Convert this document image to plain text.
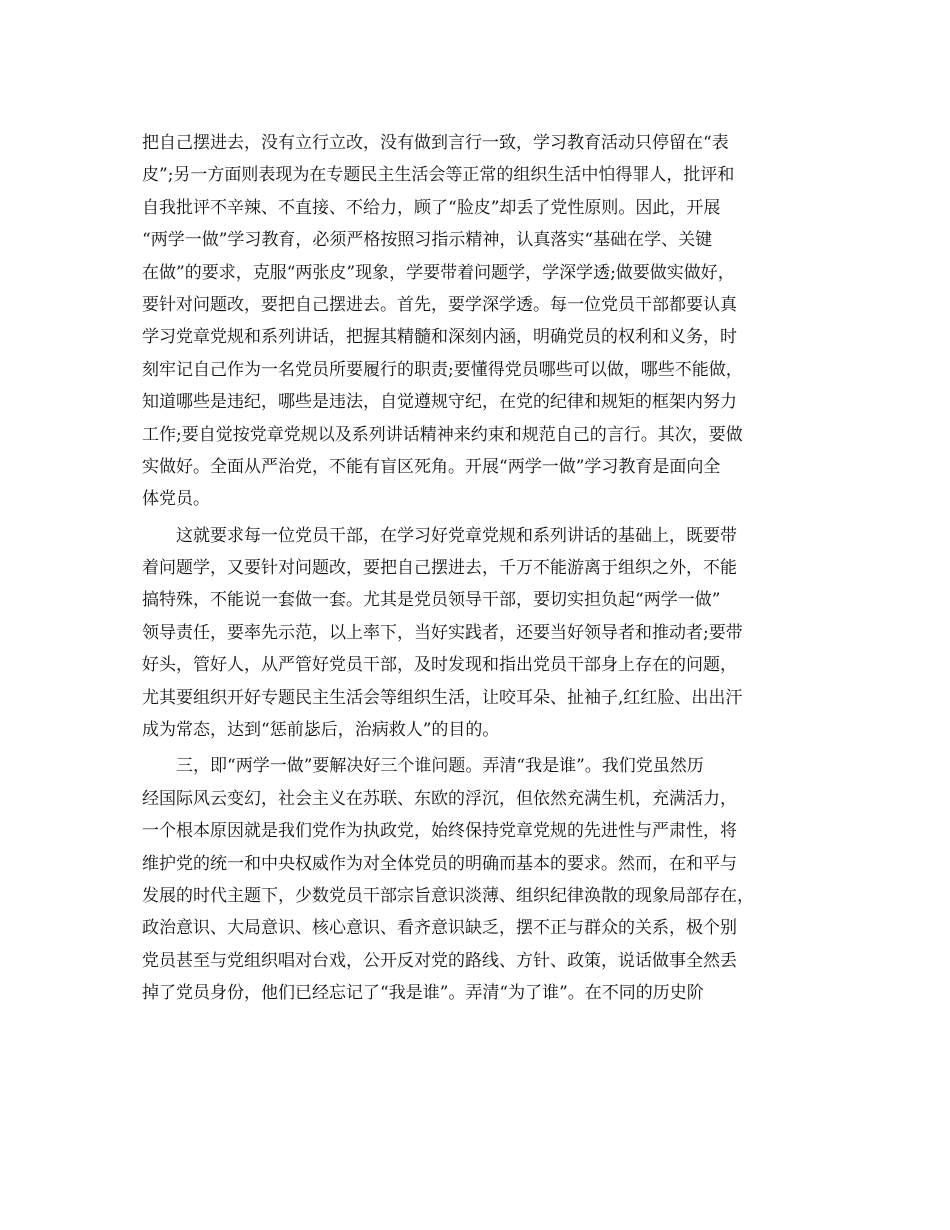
把自己摆进去，没有立行立改，没有做到言行一致，学习教育活动只停留在“表
皮”;另一方面则表现为在专题民主生活会等正常的组织生活中怕得罪人，批评和
自我批评不辛辣、不直接、不给力，顾了“脸皮”却丢了党性原则。因此，开展
“两学一做”学习教育，必须严格按照习指示精神，认真落实“基础在学、关键
在做”的要求，克服“两张皮”现象，学要带着问题学，学深学透;做要做实做好，
要针对问题改，要把自己摆进去。首先，要学深学透。每一位党员干部都要认真
学习党章党规和系列讲话，把握其精髓和深刻内涵，明确党员的权利和义务，时
刻牢记自己作为一名党员所要履行的职责;要懂得党员哪些可以做，哪些不能做，
知道哪些是违纪，哪些是违法，自觉遵规守纪，在党的纪律和规矩的框架内努力
工作;要自觉按党章党规以及系列讲话精神来约束和规范自己的言行。其次，要做
实做好。全面从严治党，不能有盲区死角。开展“两学一做”学习教育是面向全
体党员。
这就要求每一位党员干部，在学习好党章党规和系列讲话的基础上，既要带
着问题学，又要针对问题改，要把自己摆进去，千万不能游离于组织之外，不能
搞特殊，不能说一套做一套。尤其是党员领导干部，要切实担负起“两学一做”
领导责任，要率先示范，以上率下，当好实践者，还要当好领导者和推动者;要带
好头，管好人，从严管好党员干部，及时发现和指出党员干部身上存在的问题，
尤其要组织开好专题民主生活会等组织生活，让咬耳朵、扯袖子,红红脸、出出汗
成为常态，达到“惩前毖后，治病救人”的目的。
三，即“两学一做”要解决好三个谁问题。弄清“我是谁”。我们党虽然历
经国际风云变幻，社会主义在苏联、东欧的浮沉，但依然充满生机，充满活力，
一个根本原因就是我们党作为执政党，始终保持党章党规的先进性与严肃性，将
维护党的统一和中央权威作为对全体党员的明确而基本的要求。然而，在和平与
发展的时代主题下，少数党员干部宗旨意识淡薄、组织纪律涣散的现象局部存在，
政治意识、大局意识、核心意识、看齐意识缺乏，摆不正与群众的关系，极个别
党员甚至与党组织唱对台戏，公开反对党的路线、方针、政策，说话做事全然丢
掉了党员身份，他们已经忘记了“我是谁”。弄清“为了谁”。在不同的历史阶
